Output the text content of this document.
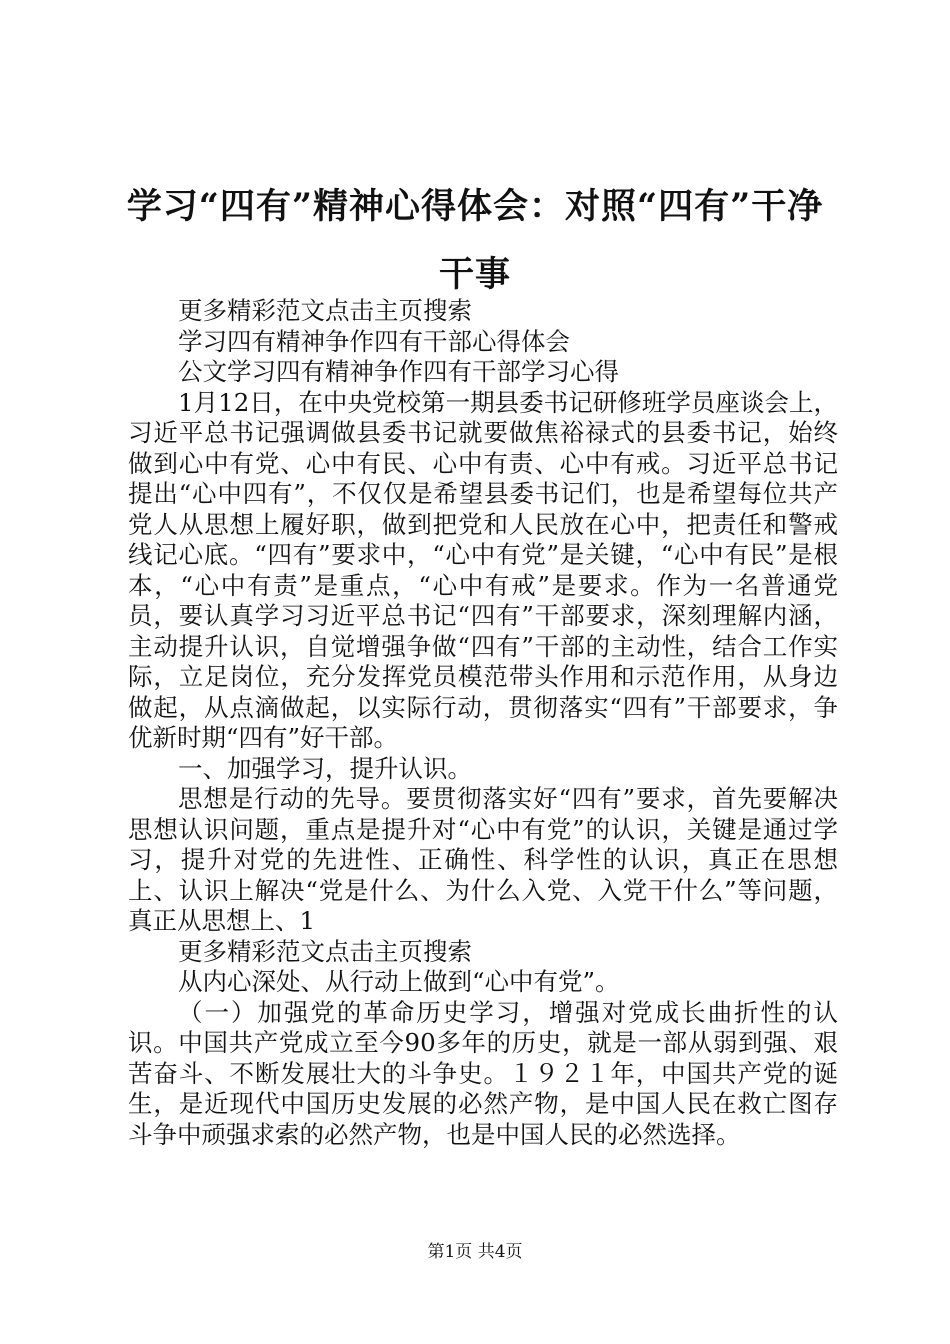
学习“四有”精神心得体会：对照“四有”干净干事

更多精彩范文点击主页搜索

学习四有精神争作四有干部心得体会

公文学习四有精神争作四有干部学习心得

1月12日，在中央党校第一期县委书记研修班学员座谈会上，习近平总书记强调做县委书记就要做焦裕禄式的县委书记，始终做到心中有党、心中有民、心中有责、心中有戒。习近平总书记提出“心中四有”，不仅仅是希望县委书记们，也是希望每位共产党人从思想上履好职，做到把党和人民放在心中，把责任和警戒线记心底。“四有”要求中，“心中有党”是关键，“心中有民”是根本，“心中有责”是重点，“心中有戒”是要求。作为一名普通党员，要认真学习习近平总书记“四有”干部要求，深刻理解内涵，主动提升认识，自觉增强争做“四有”干部的主动性，结合工作实际，立足岗位，充分发挥党员模范带头作用和示范作用，从身边做起，从点滴做起，以实际行动，贯彻落实“四有”干部要求，争优新时期“四有”好干部。

一、加强学习，提升认识。

思想是行动的先导。要贯彻落实好“四有”要求，首先要解决思想认识问题，重点是提升对“心中有党”的认识，关键是通过学习，提升对党的先进性、正确性、科学性的认识，真正在思想上、认识上解决“党是什么、为什么入党、入党干什么”等问题，真正从思想上、1

更多精彩范文点击主页搜索

从内心深处、从行动上做到“心中有党”。

（一）加强党的革命历史学习，增强对党成长曲折性的认识。中国共产党成立至今90多年的历史，就是一部从弱到强、艰苦奋斗、不断发展壮大的斗争史。１９２１年，中国共产党的诞生，是近现代中国历史发展的必然产物，是中国人民在救亡图存斗争中顽强求索的必然产物，也是中国人民的必然选择。

第1页 共4页
